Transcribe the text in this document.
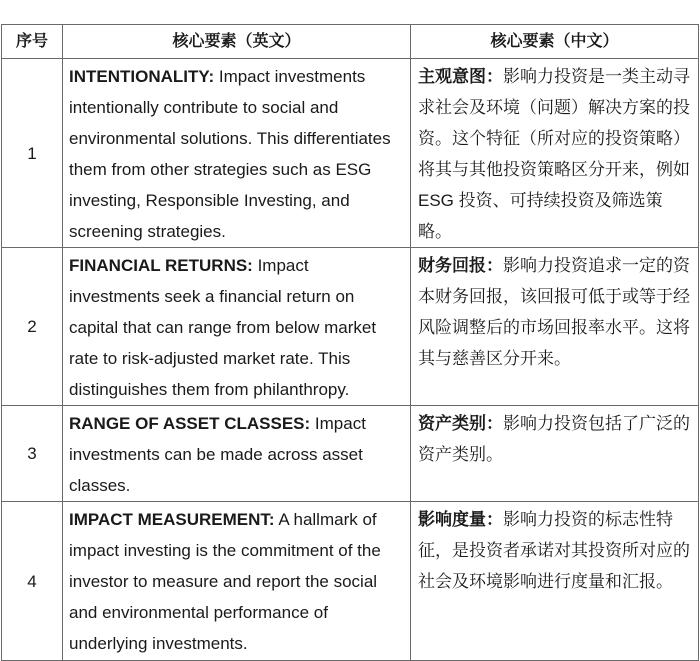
序号	核心要素（英文）	核心要素（中文）
1	INTENTIONALITY: Impact investments intentionally contribute to social and environmental solutions. This differentiates them from other strategies such as ESG investing, Responsible Investing, and screening strategies.	主观意图：影响力投资是一类主动寻求社会及环境（问题）解决方案的投资。这个特征（所对应的投资策略）将其与其他投资策略区分开来，例如 ESG 投资、可持续投资及筛选策略。
2	FINANCIAL RETURNS: Impact investments seek a financial return on capital that can range from below market rate to risk-adjusted market rate. This distinguishes them from philanthropy.	财务回报：影响力投资追求一定的资本财务回报，该回报可低于或等于经风险调整后的市场回报率水平。这将其与慈善区分开来。
3	RANGE OF ASSET CLASSES: Impact investments can be made across asset classes.	资产类别：影响力投资包括了广泛的资产类别。
4	IMPACT MEASUREMENT: A hallmark of impact investing is the commitment of the investor to measure and report the social and environmental performance of underlying investments.	影响度量：影响力投资的标志性特征，是投资者承诺对其投资所对应的社会及环境影响进行度量和汇报。
